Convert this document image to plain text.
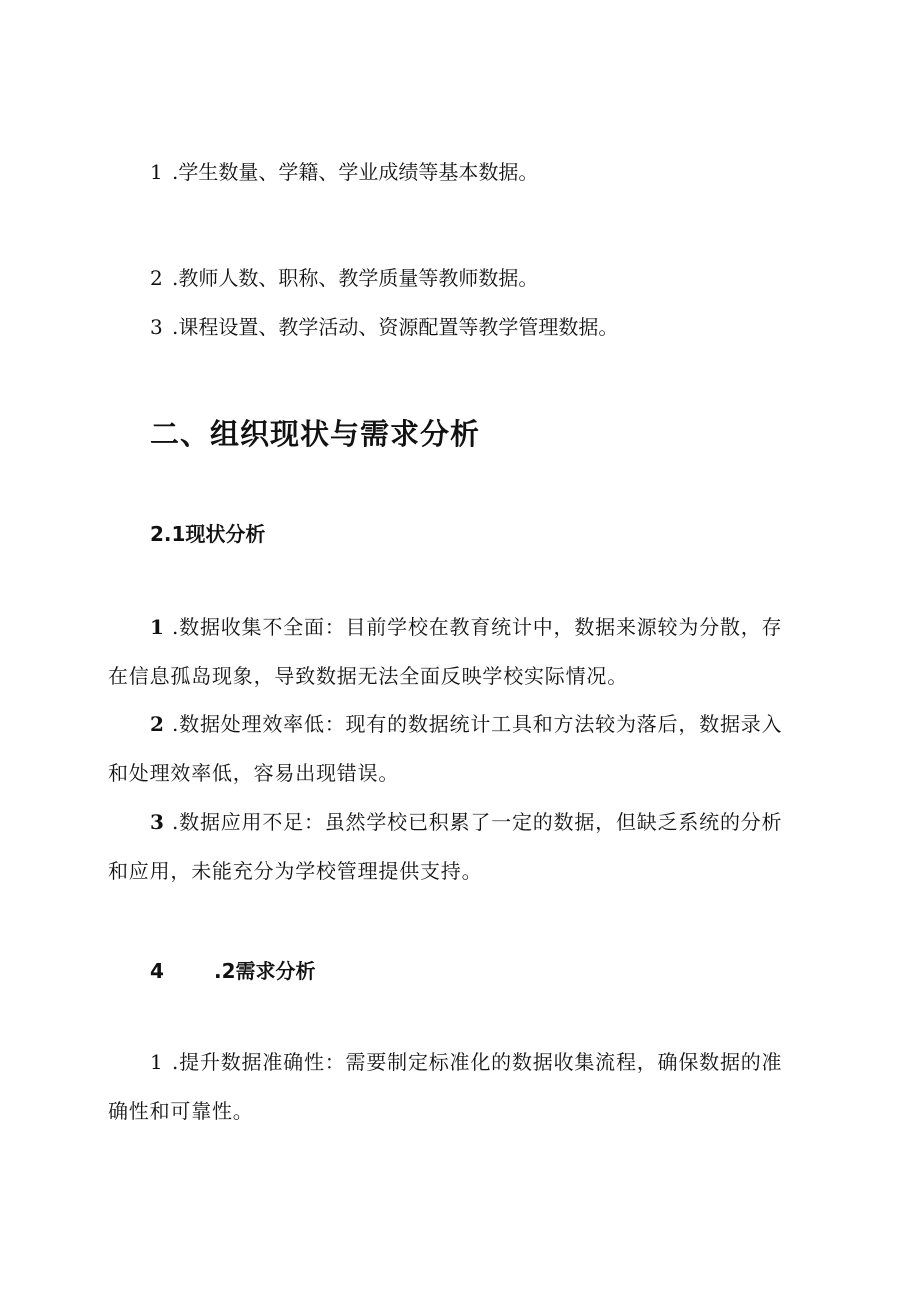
1 .学生数量、学籍、学业成绩等基本数据。
2 .教师人数、职称、教学质量等教师数据。
3 .课程设置、教学活动、资源配置等教学管理数据。
二、组织现状与需求分析
2.1现状分析
1 .数据收集不全面：目前学校在教育统计中，数据来源较为分散，存
在信息孤岛现象，导致数据无法全面反映学校实际情况。
2 .数据处理效率低：现有的数据统计工具和方法较为落后，数据录入
和处理效率低，容易出现错误。
3 .数据应用不足：虽然学校已积累了一定的数据，但缺乏系统的分析
和应用，未能充分为学校管理提供支持。
4	.2需求分析
1 .提升数据准确性：需要制定标准化的数据收集流程，确保数据的准
确性和可靠性。
